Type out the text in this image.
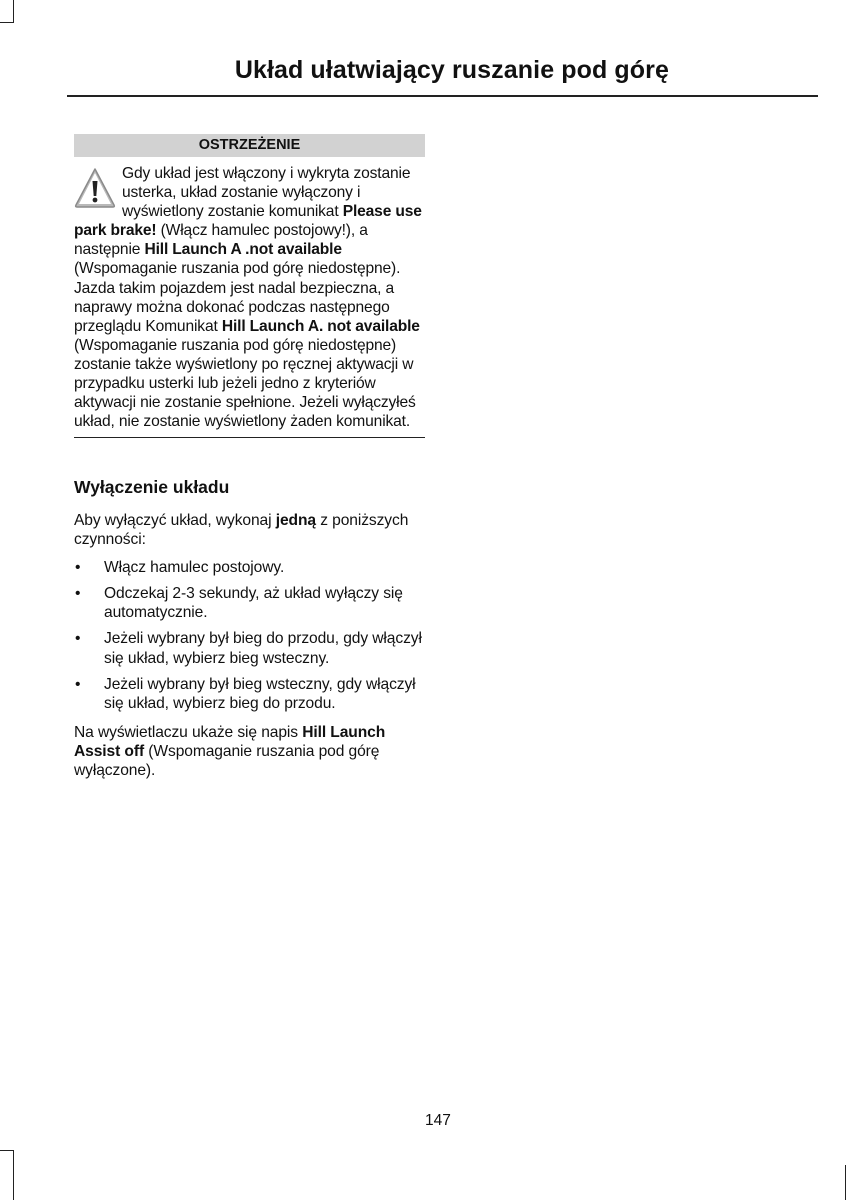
Układ ułatwiający ruszanie pod górę
OSTRZEŻENIE
Gdy układ jest włączony i wykryta zostanie usterka, układ zostanie wyłączony i wyświetlony zostanie komunikat Please use park brake! (Włącz hamulec postojowy!), a następnie Hill Launch A .not available (Wspomaganie ruszania pod górę niedostępne). Jazda takim pojazdem jest nadal bezpieczna, a naprawy można dokonać podczas następnego przeglądu Komunikat Hill Launch A. not available (Wspomaganie ruszania pod górę niedostępne) zostanie także wyświetlony po ręcznej aktywacji w przypadku usterki lub jeżeli jedno z kryteriów aktywacji nie zostanie spełnione. Jeżeli wyłączyłeś układ, nie zostanie wyświetlony żaden komunikat.
Wyłączenie układu

Aby wyłączyć układ, wykonaj jedną z poniższych czynności:

• Włącz hamulec postojowy.
• Odczekaj 2-3 sekundy, aż układ wyłączy się automatycznie.
• Jeżeli wybrany był bieg do przodu, gdy włączył się układ, wybierz bieg wsteczny.
• Jeżeli wybrany był bieg wsteczny, gdy włączył się układ, wybierz bieg do przodu.

Na wyświetlaczu ukaże się napis Hill Launch Assist off (Wspomaganie ruszania pod górę wyłączone).

147
